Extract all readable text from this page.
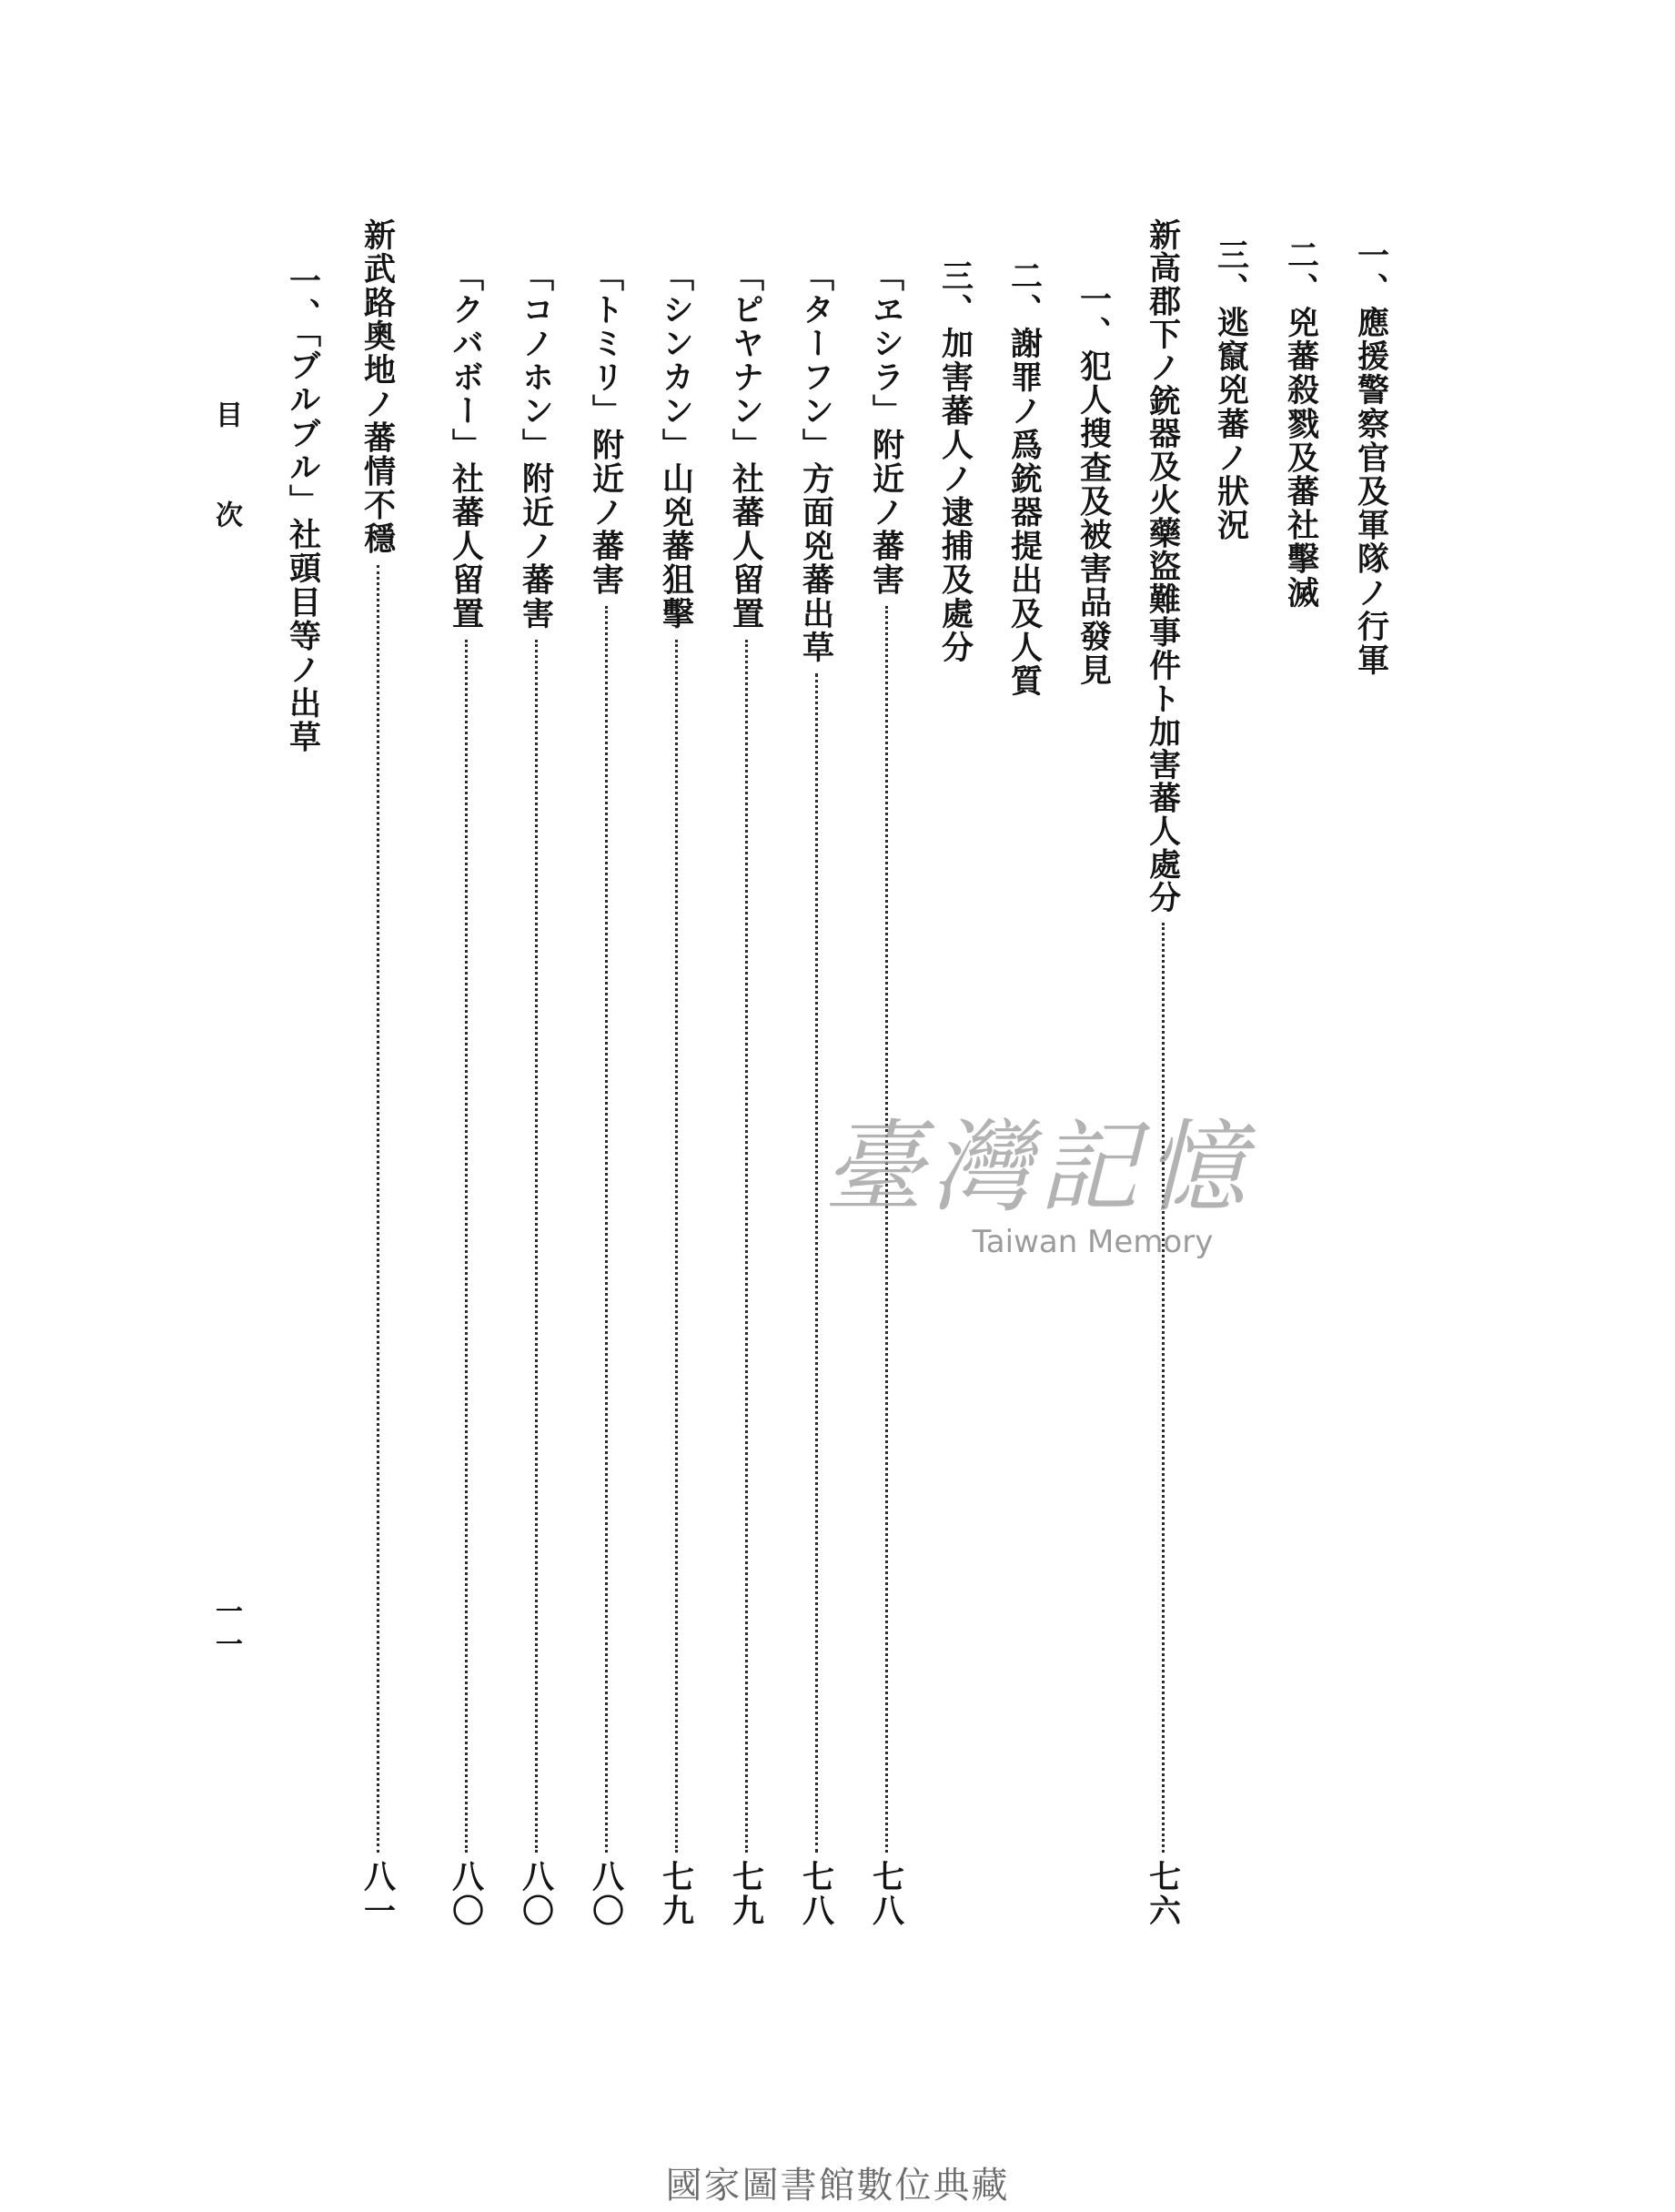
一、應援警察官及軍隊ノ行軍
二、兇蕃殺戮及蕃社擊滅
三、逃竄兇蕃ノ狀況
新高郡下ノ銃器及火藥盜難事件ト加害蕃人處分
七六
一、犯人搜查及被害品發見
二、謝罪ノ爲銃器提出及人質
三、加害蕃人ノ逮捕及處分
「ヱシラ」附近ノ蕃害
七八
「ターフン」方面兇蕃出草
七八
「ピヤナン」社蕃人留置
七九
「シンカン」山兇蕃狙擊
七九
「トミリ」附近ノ蕃害
八〇
「コノホン」附近ノ蕃害
八〇
「クバボー」社蕃人留置
八〇
新武路奧地ノ蕃情不穩
八一
一、「ブルブル」社頭目等ノ出草
目次
一一
臺灣記憶
Taiwan Memory
國家圖書館數位典藏
